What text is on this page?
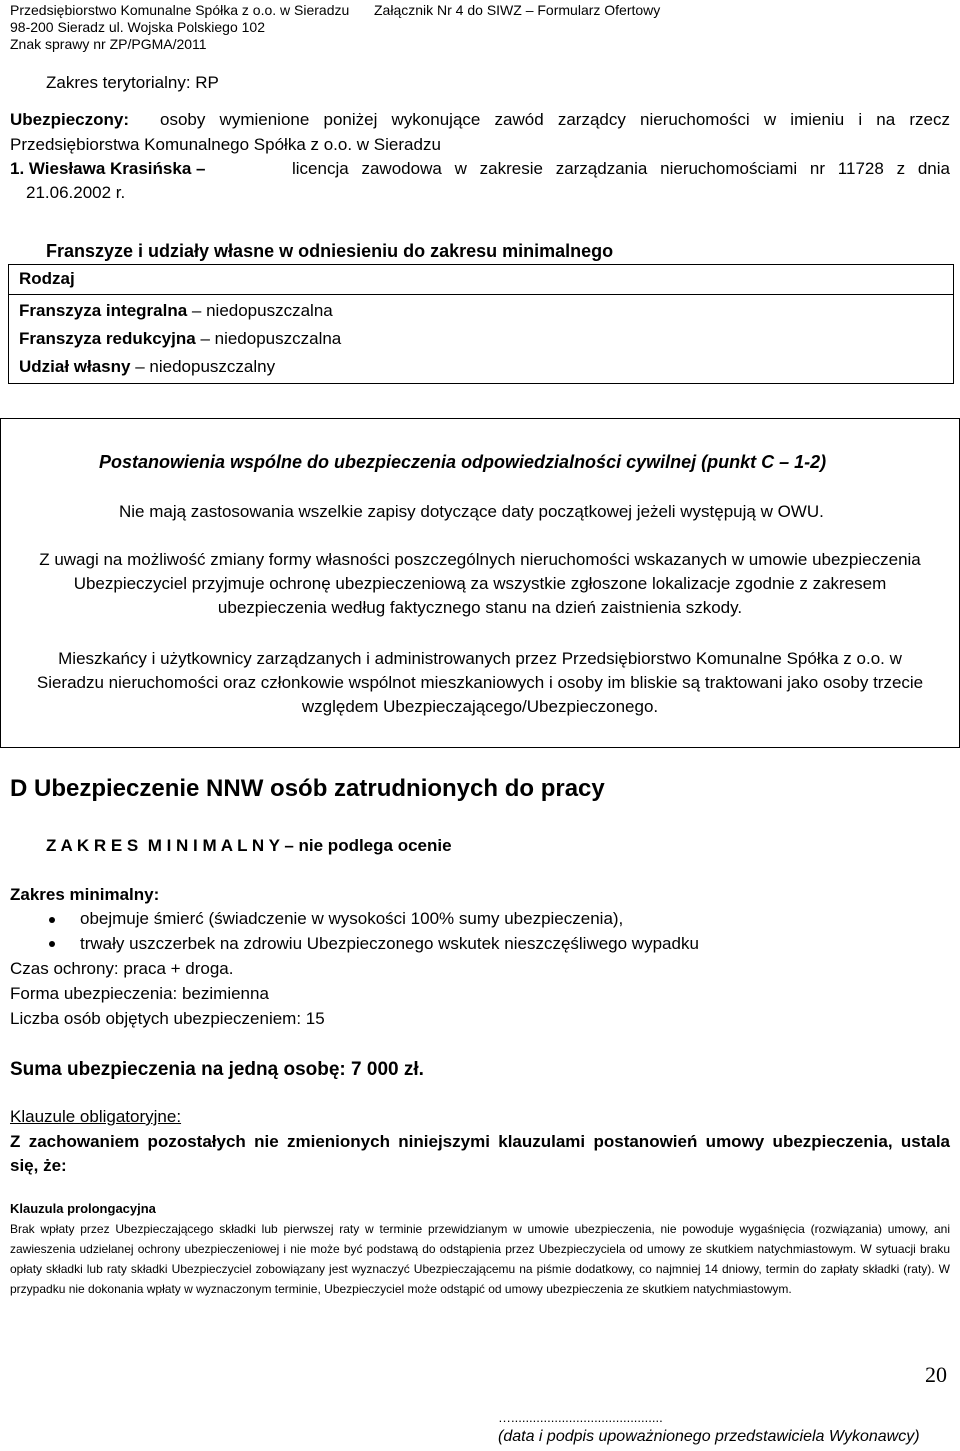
Przedsiębiorstwo Komunalne Spółka z o.o. w Sieradzu
98-200 Sieradz ul. Wojska Polskiego 102
Znak sprawy nr ZP/PGMA/2011
Załącznik Nr 4 do SIWZ – Formularz Ofertowy
Zakres terytorialny: RP
Ubezpieczony: osoby wymienione poniżej wykonujące zawód zarządcy nieruchomości w imieniu i na rzecz
Przedsiębiorstwa Komunalnego Spółka z o.o. w Sieradzu
1. Wiesława Krasińska –	licencja zawodowa w zakresie zarządzania nieruchomościami nr 11728 z dnia
21.06.2002 r.
Franszyze i udziały własne w odniesieniu do zakresu minimalnego
Rodzaj
Franszyza integralna – niedopuszczalna
Franszyza redukcyjna – niedopuszczalna
Udział własny – niedopuszczalny
Postanowienia wspólne do ubezpieczenia odpowiedzialności cywilnej (punkt C – 1-2)
Nie mają zastosowania wszelkie zapisy dotyczące daty początkowej jeżeli występują w OWU.
Z uwagi na możliwość zmiany formy własności poszczególnych nieruchomości wskazanych w umowie ubezpieczenia
Ubezpieczyciel przyjmuje ochronę ubezpieczeniową za wszystkie zgłoszone lokalizacje zgodnie z zakresem
ubezpieczenia według faktycznego stanu na dzień zaistnienia szkody.
Mieszkańcy i użytkownicy zarządzanych i administrowanych przez Przedsiębiorstwo Komunalne Spółka z o.o. w
Sieradzu nieruchomości oraz członkowie wspólnot mieszkaniowych i osoby im bliskie są traktowani jako osoby trzecie
względem Ubezpieczającego/Ubezpieczonego.
D Ubezpieczenie NNW osób zatrudnionych do pracy
Z A K R E S  M I N I M A L N Y – nie podlega ocenie
Zakres minimalny:
obejmuje śmierć (świadczenie w wysokości 100% sumy ubezpieczenia),
trwały uszczerbek na zdrowiu Ubezpieczonego wskutek nieszczęśliwego wypadku
Czas ochrony: praca + droga.
Forma ubezpieczenia: bezimienna
Liczba osób objętych ubezpieczeniem: 15
Suma ubezpieczenia na jedną osobę: 7 000 zł.
Klauzule obligatoryjne:
Z zachowaniem pozostałych nie zmienionych niniejszymi klauzulami postanowień umowy ubezpieczenia, ustala
się, że:
Klauzula prolongacyjna
Brak wpłaty przez Ubezpieczającego składki lub pierwszej raty w terminie przewidzianym w umowie ubezpieczenia, nie powoduje wygaśnięcia (rozwiązania) umowy, ani zawieszenia udzielanej ochrony ubezpieczeniowej i nie może być podstawą do odstąpienia przez Ubezpieczyciela od umowy ze skutkiem natychmiastowym. W sytuacji braku opłaty składki lub raty składki Ubezpieczyciel zobowiązany jest wyznaczyć Ubezpieczającemu na piśmie dodatkowy, co najmniej 14 dniowy, termin do zapłaty składki (raty). W przypadku nie dokonania wpłaty w wyznaczonym terminie, Ubezpieczyciel może odstąpić od umowy ubezpieczenia ze skutkiem natychmiastowym.
20
…..........................................
(data i podpis upoważnionego przedstawiciela Wykonawcy)
